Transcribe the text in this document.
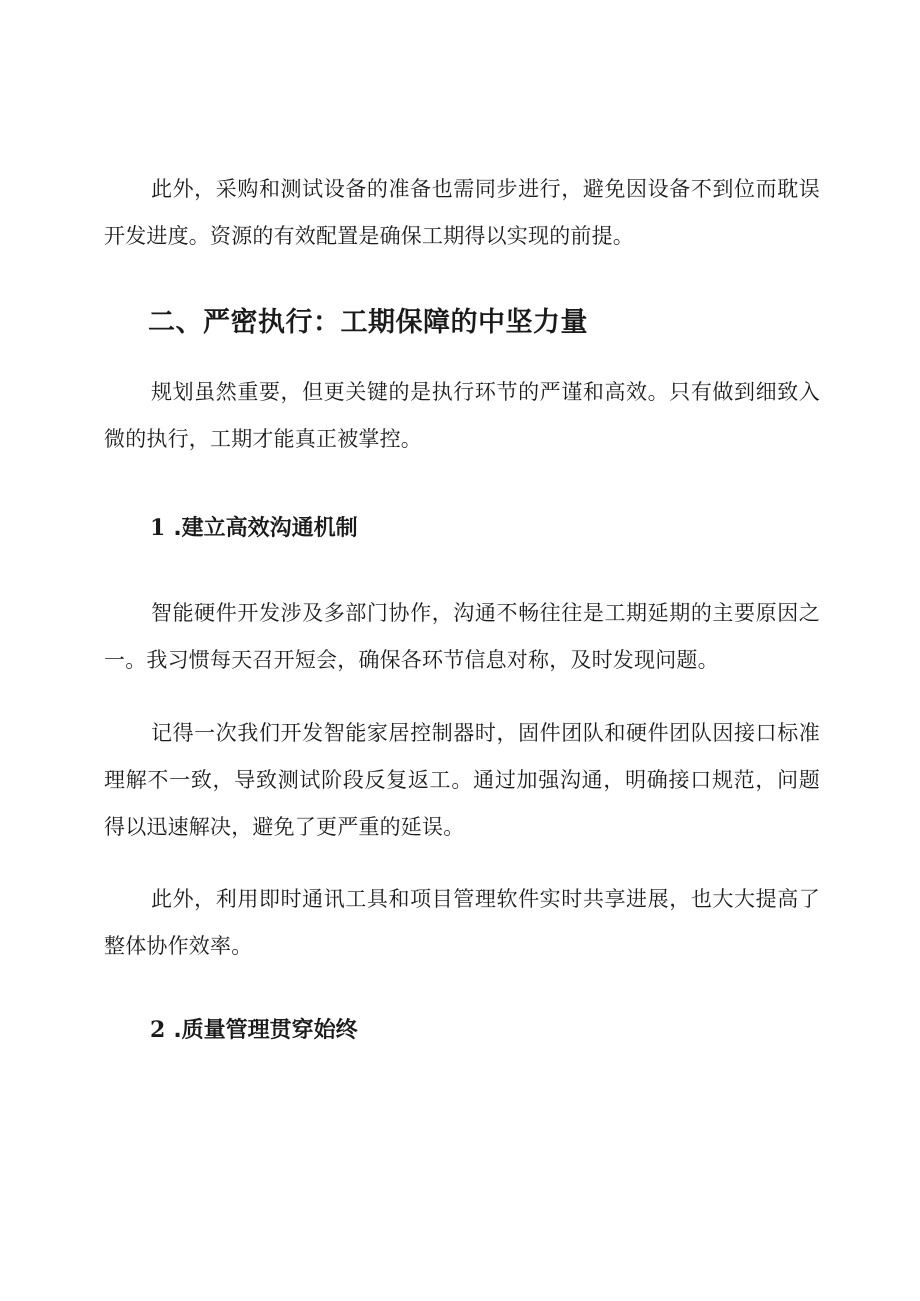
此外，采购和测试设备的准备也需同步进行，避免因设备不到位而耽误开发进度。资源的有效配置是确保工期得以实现的前提。

二、严密执行：工期保障的中坚力量

规划虽然重要，但更关键的是执行环节的严谨和高效。只有做到细致入微的执行，工期才能真正被掌控。

1 .建立高效沟通机制

智能硬件开发涉及多部门协作，沟通不畅往往是工期延期的主要原因之一。我习惯每天召开短会，确保各环节信息对称，及时发现问题。

记得一次我们开发智能家居控制器时，固件团队和硬件团队因接口标准理解不一致，导致测试阶段反复返工。通过加强沟通，明确接口规范，问题得以迅速解决，避免了更严重的延误。

此外，利用即时通讯工具和项目管理软件实时共享进展，也大大提高了整体协作效率。

2 .质量管理贯穿始终
